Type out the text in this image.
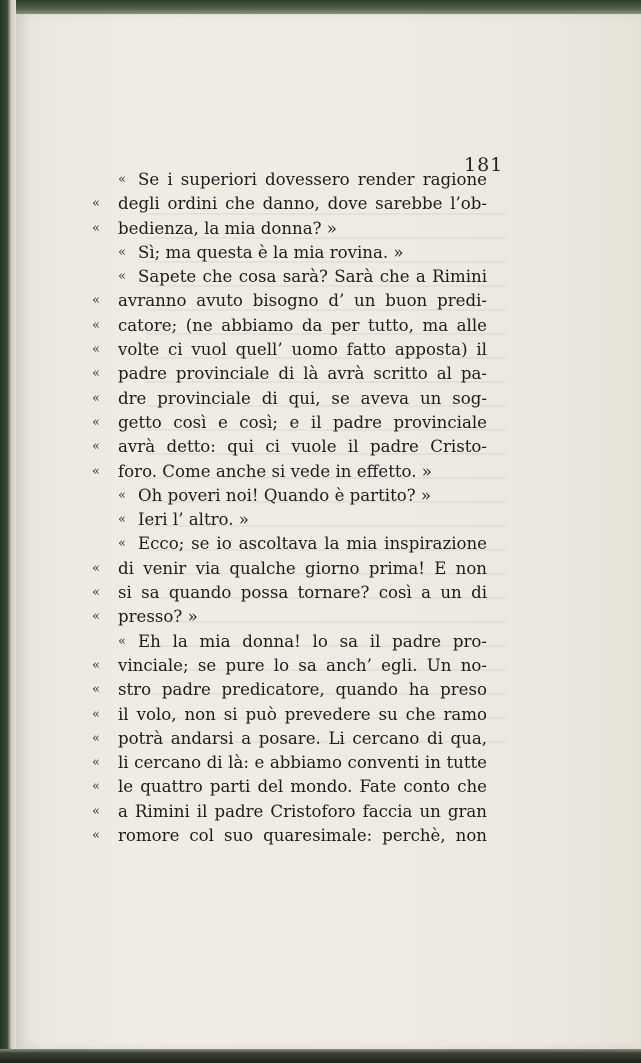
181
« Se i superiori dovessero render ragione
« degli ordini che danno, dove sarebbe l’ob-
« bedienza, la mia donna? »
« Sì; ma questa è la mia rovina. »
« Sapete che cosa sarà? Sarà che a Rimini
« avranno avuto bisogno d’ un buon predi-
« catore; (ne abbiamo da per tutto, ma alle
« volte ci vuol quell’ uomo fatto apposta) il
« padre provinciale di là avrà scritto al pa-
« dre provinciale di qui, se aveva un sog-
« getto così e così; e il padre provinciale
« avrà detto: qui ci vuole il padre Cristo-
« foro. Come anche si vede in effetto. »
« Oh poveri noi! Quando è partito? »
« Ieri l’ altro. »
« Ecco; se io ascoltava la mia inspirazione
« di venir via qualche giorno prima! E non
« si sa quando possa tornare? così a un di
« presso? »
« Eh la mia donna! lo sa il padre pro-
« vinciale; se pure lo sa anch’ egli. Un no-
« stro padre predicatore, quando ha preso
« il volo, non si può prevedere su che ramo
« potrà andarsi a posare. Li cercano di qua,
« li cercano di là: e abbiamo conventi in tutte
« le quattro parti del mondo. Fate conto che
« a Rimini il padre Cristoforo faccia un gran
« romore col suo quaresimale: perchè, non
